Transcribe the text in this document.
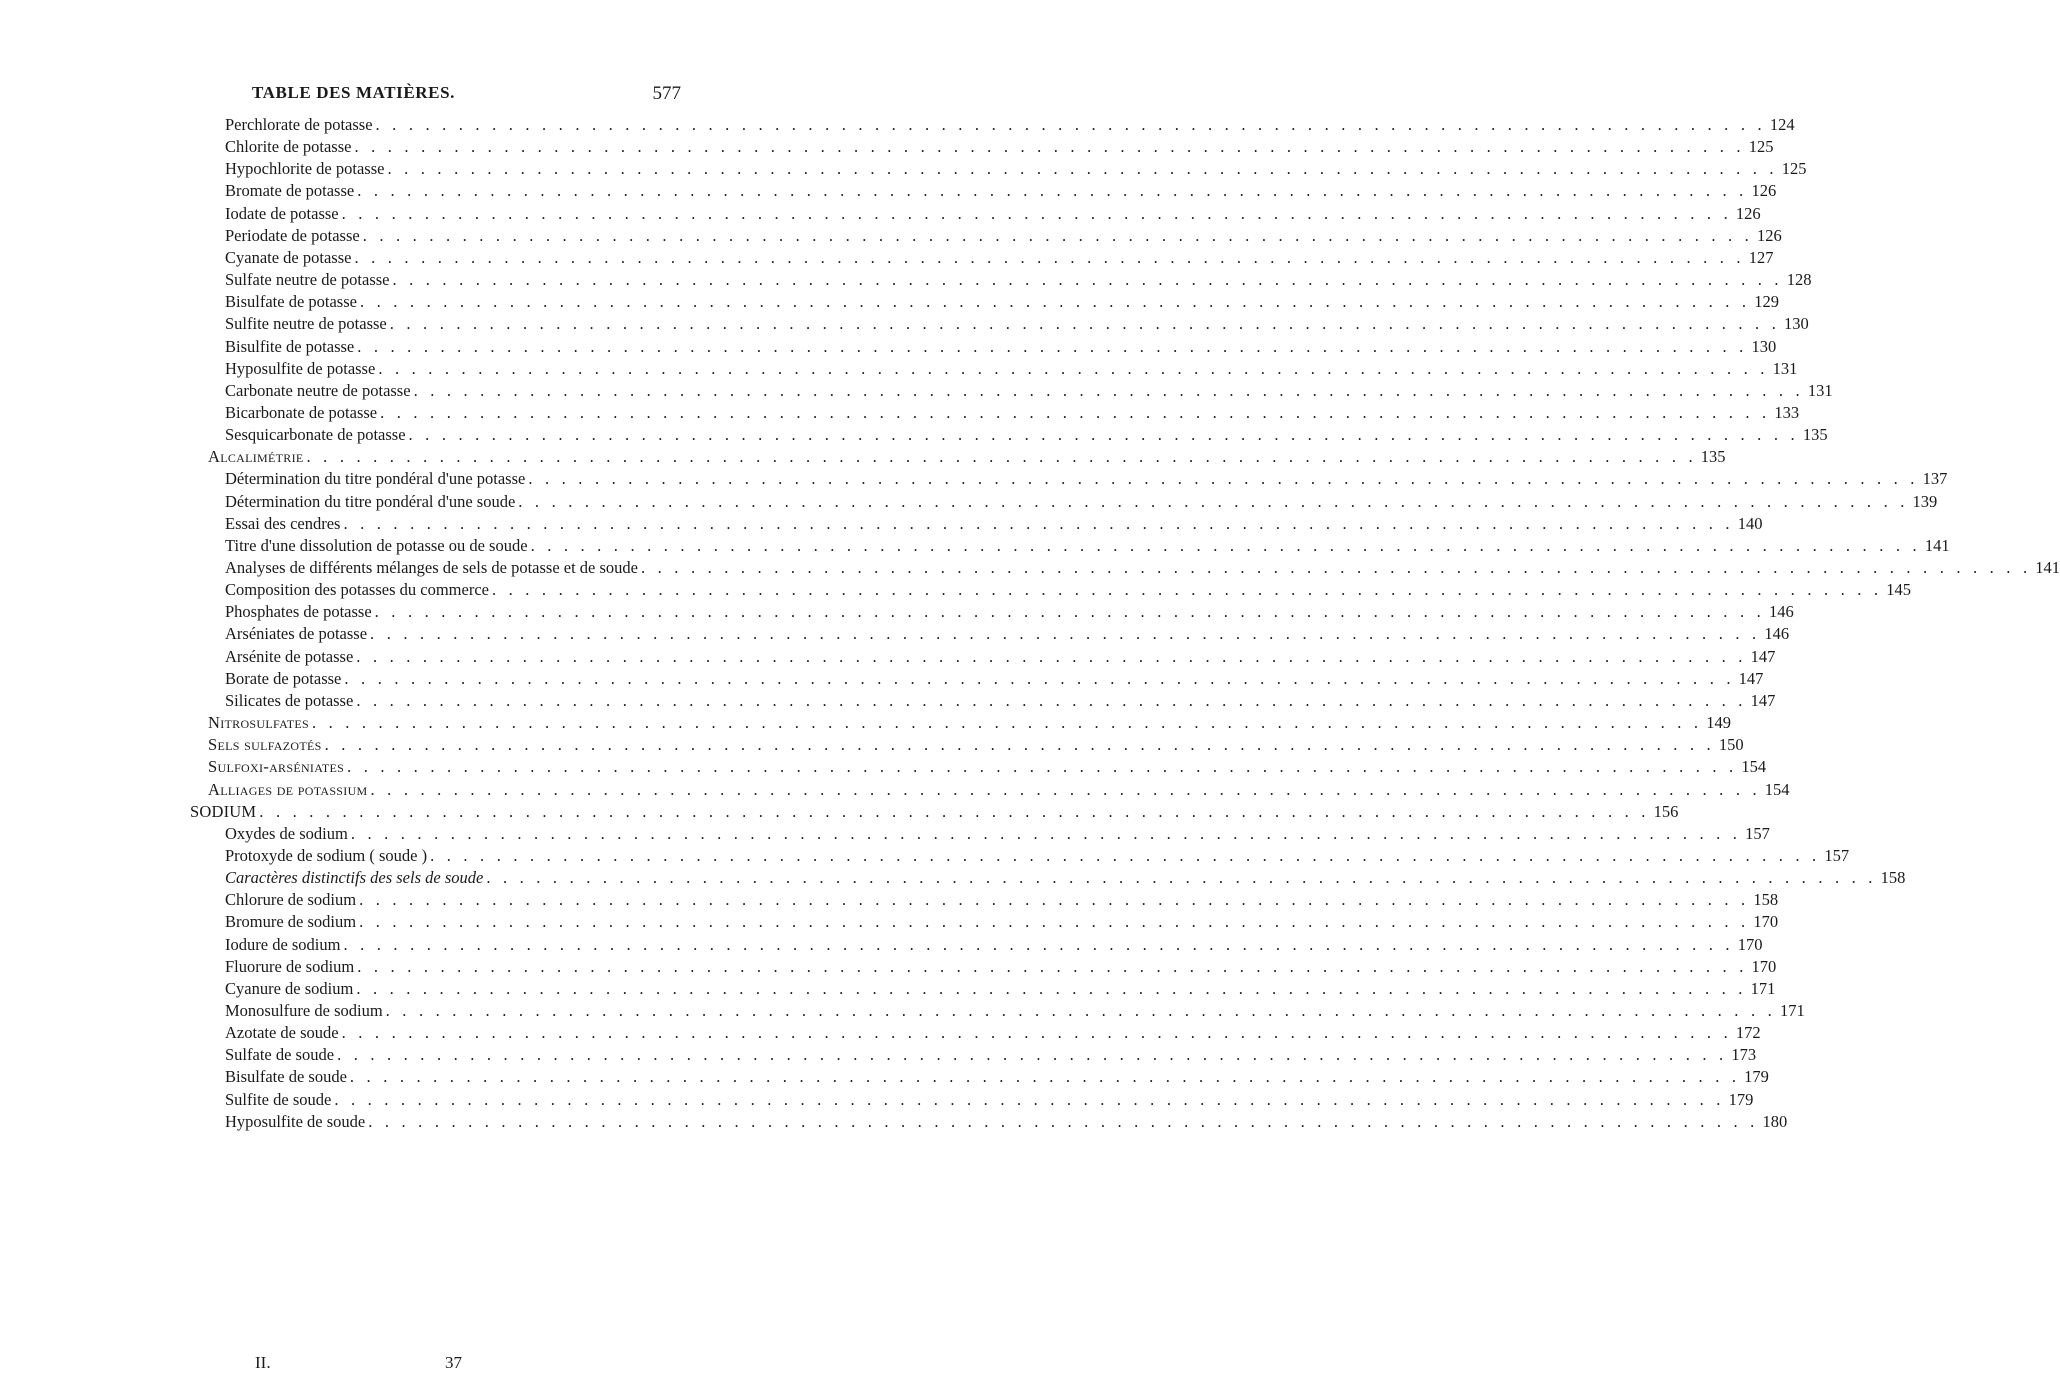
TABLE DES MATIÈRES.	577
Perchlorate de potasse . . .	124
Chlorite de potasse . . .	125
Hypochlorite de potasse . . .	125
Bromate de potasse . . .	126
Iodate de potasse . . .	126
Periodate de potasse . . .	126
Cyanate de potasse . . .	127
Sulfate neutre de potasse . . .	128
Bisulfate de potasse . . .	129
Sulfite neutre de potasse . . .	130
Bisulfite de potasse . . .	130
Hyposulfite de potasse . . .	131
Carbonate neutre de potasse . . .	131
Bicarbonate de potasse . . .	133
Sesquicarbonate de potasse . . .	135
Alcalimétrie . . .	135
Détermination du titre pondéral d'une potasse . . .	137
Détermination du titre pondéral d'une soude . . .	139
Essai des cendres . . .	140
Titre d'une dissolution de potasse ou de soude . . .	141
Analyses de différents mélanges de sels de potasse et de soude . . .	141
Composition des potasses du commerce . . .	145
Phosphates de potasse . . .	146
Arséniates de potasse . . .	146
Arsénite de potasse . . .	147
Borate de potasse . . .	147
Silicates de potasse . . .	147
Nitrosulfates . . .	149
Sels sulfazotés . . .	150
Sulfoxi-arséniates . . .	154
Alliages de potassium . . .	154
SODIUM . . .	156
Oxydes de sodium . . .	157
Protoxyde de sodium ( soude ) . . .	157
Caractères distinctifs des sels de soude . . .	158
Chlorure de sodium . . .	158
Bromure de sodium . . .	170
Iodure de sodium . . .	170
Fluorure de sodium . . .	170
Cyanure de sodium . . .	171
Monosulfure de sodium . . .	171
Azotate de soude . . .	172
Sulfate de soude . . .	173
Bisulfate de soude . . .	179
Sulfite de soude . . .	179
Hyposulfite de soude . . .	180
II.	37
